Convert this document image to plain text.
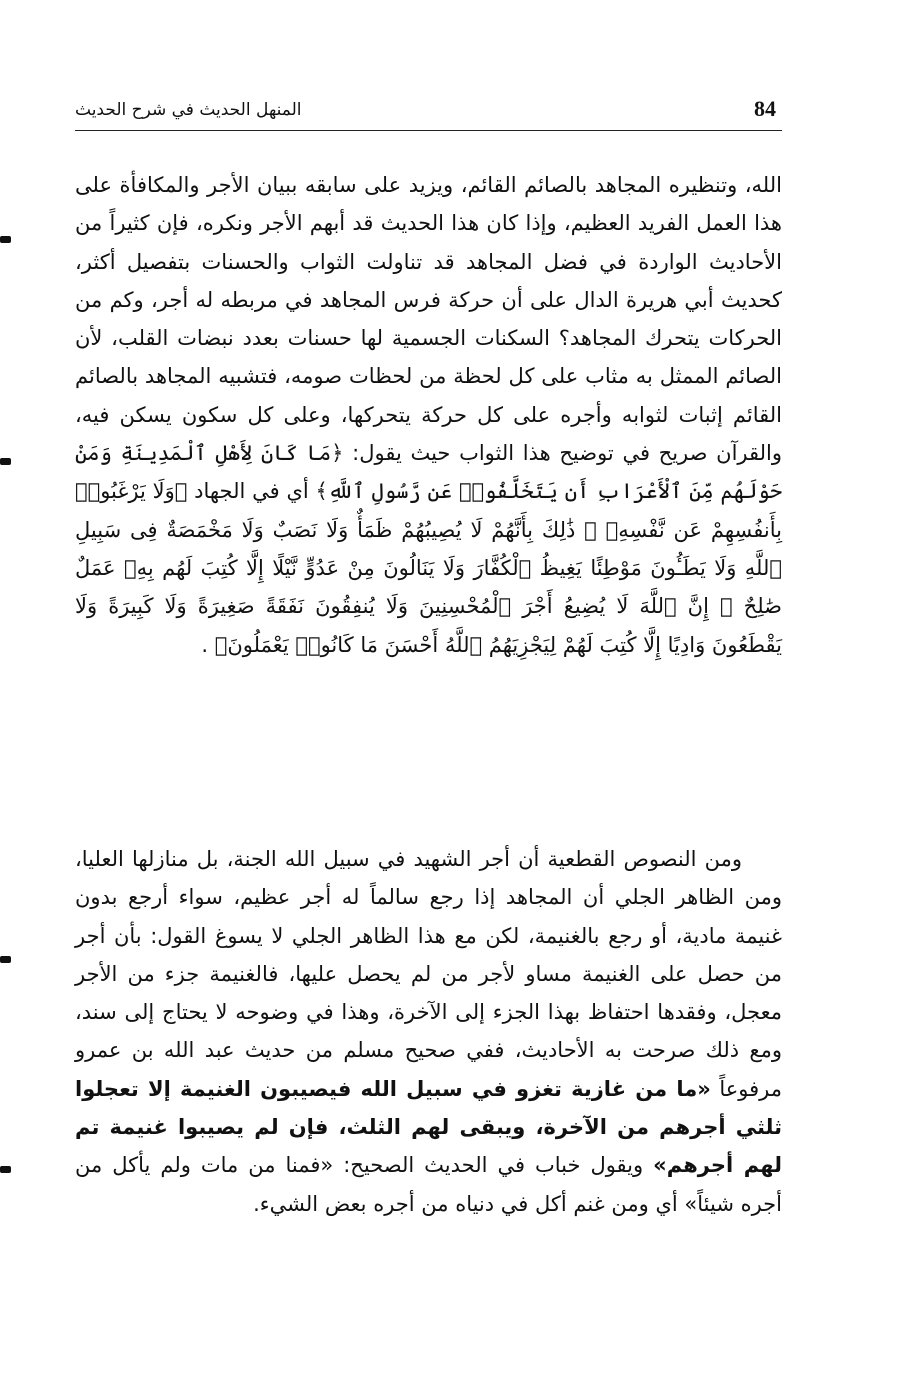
84
المنهل الحديث في شرح الحديث

الله، وتنظيره المجاهد بالصائم القائم، ويزيد على سابقه ببيان الأجر والمكافأة على هذا العمل الفريد العظيم، وإذا كان هذا الحديث قد أبهم الأجر ونكره، فإن كثيراً من الأحاديث الواردة في فضل المجاهد قد تناولت الثواب والحسنات بتفصيل أكثر، كحديث أبي هريرة الدال على أن حركة فرس المجاهد في مربطه له أجر، وكم من الحركات يتحرك المجاهد؟ السكنات الجسمية لها حسنات بعدد نبضات القلب، لأن الصائم الممثل به مثاب على كل لحظة من لحظات صومه، فتشبيه المجاهد بالصائم القائم إثبات لثوابه وأجره على كل حركة يتحركها، وعلى كل سكون يسكن فيه، والقرآن صريح في توضيح هذا الثواب حيث يقول: ﴿مَا كَانَ لِأَهْلِ ٱلْمَدِينَةِ وَمَنْ حَوْلَهُم مِّنَ ٱلْأَعْرَابِ أَن يَتَخَلَّفُوا۟ عَن رَّسُولِ ٱللَّهِ﴾ أي في الجهاد ﴿وَلَا يَرْغَبُوا۟ بِأَنفُسِهِمْ عَن نَّفْسِهِۦ ۚ ذَٰلِكَ بِأَنَّهُمْ لَا يُصِيبُهُمْ ظَمَأٌ وَلَا نَصَبٌ وَلَا مَخْمَصَةٌ فِى سَبِيلِ ٱللَّهِ وَلَا يَطَـُٔونَ مَوْطِئًا يَغِيظُ ٱلْكُفَّارَ وَلَا يَنَالُونَ مِنْ عَدُوٍّ نَّيْلًا إِلَّا كُتِبَ لَهُم بِهِۦ عَمَلٌ صَٰلِحٌ ۚ إِنَّ ٱللَّهَ لَا يُضِيعُ أَجْرَ ٱلْمُحْسِنِينَ وَلَا يُنفِقُونَ نَفَقَةً صَغِيرَةً وَلَا كَبِيرَةً وَلَا يَقْطَعُونَ وَادِيًا إِلَّا كُتِبَ لَهُمْ لِيَجْزِيَهُمُ ٱللَّهُ أَحْسَنَ مَا كَانُوا۟ يَعْمَلُونَ﴾ .

ومن النصوص القطعية أن أجر الشهيد في سبيل الله الجنة، بل منازلها العليا، ومن الظاهر الجلي أن المجاهد إذا رجع سالماً له أجر عظيم، سواء أرجع بدون غنيمة مادية، أو رجع بالغنيمة، لكن مع هذا الظاهر الجلي لا يسوغ القول: بأن أجر من حصل على الغنيمة مساو لأجر من لم يحصل عليها، فالغنيمة جزء من الأجر معجل، وفقدها احتفاظ بهذا الجزء إلى الآخرة، وهذا في وضوحه لا يحتاج إلى سند، ومع ذلك صرحت به الأحاديث، ففي صحيح مسلم من حديث عبد الله بن عمرو مرفوعاً «ما من غازية تغزو في سبيل الله فيصيبون الغنيمة إلا تعجلوا ثلثي أجرهم من الآخرة، ويبقى لهم الثلث، فإن لم يصيبوا غنيمة تم لهم أجرهم» ويقول خباب في الحديث الصحيح: «فمنا من مات ولم يأكل من أجره شيئاً» أي ومن غنم أكل في دنياه من أجره بعض الشيء.
